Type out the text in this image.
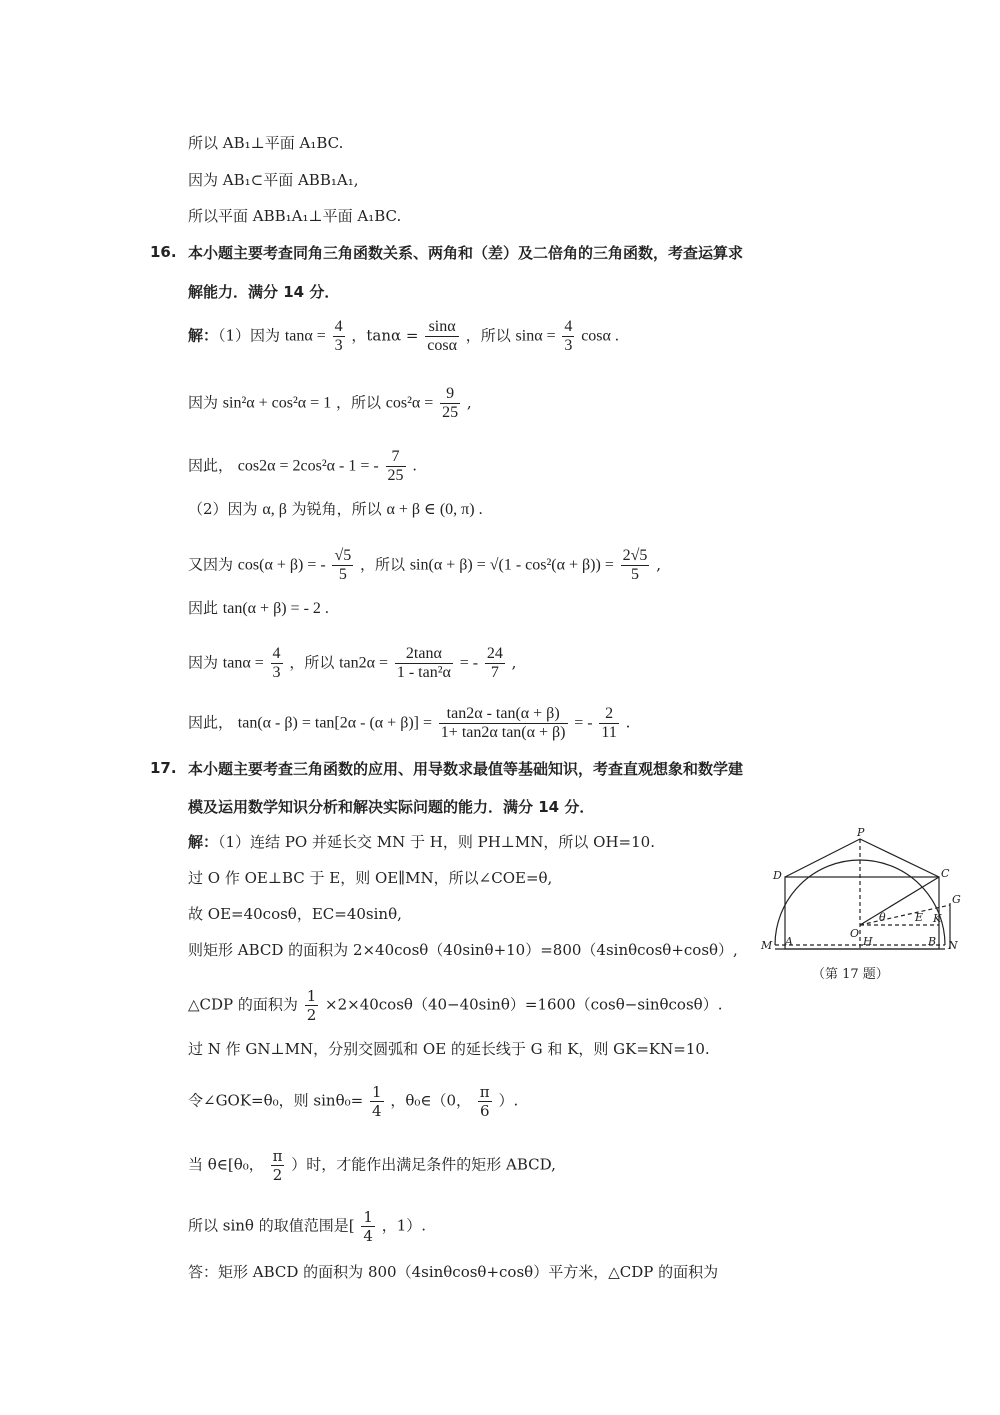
所以 AB₁⊥平面 A₁BC.
因为 AB₁⊂平面 ABB₁A₁,
所以平面 ABB₁A₁⊥平面 A₁BC.
16. 本小题主要考查同角三角函数关系、两角和（差）及二倍角的三角函数，考查运算求
解能力．满分 14 分．
解：（1）因为 $\tan\alpha = \frac{4}{3}$ ，$\tan\alpha = \frac{\sin\alpha}{\cos\alpha}$ ，所以 $\sin\alpha = \frac{4}{3}$ cosα .
因为 sin²α + cos²α = 1 ，所以 $\cos^2\alpha = \frac{9}{25}$ ,
因此， cos2α = 2cos²α - 1 = - $\frac{7}{25}$ .
（2）因为 α, β 为锐角，所以 α + β ∈ (0, π) .
又因为 cos(α + β) = - $\frac{√5}{5}$ ，所以 $\sin(\alpha + \beta) = √(1 - \cos^2(\alpha + \beta)) = \frac{2√5}{5}$ ,
因此 tan(α + β) = - 2 .
因为 $\tan\alpha = \frac{4}{3}$ ，所以 $\tan 2\alpha = \frac{2\tan\alpha}{\text{1 - tan²α}}$ = - $\frac{24}{7}$ ,
因此， $\tan(\alpha - \beta) = \tan[2\alpha - (\alpha + \beta)] = \frac{\tan 2\alpha - \tan(\alpha + \beta)}{\text{1+ tan2α tan(α + β)}}$ = - $\frac{2}{11}$ .
17. 本小题主要考查三角函数的应用、用导数求最值等基础知识，考查直观想象和数学建
模及运用数学知识分析和解决实际问题的能力．满分 14 分．
解：（1）连结 PO 并延长交 MN 于 H，则 PH⊥MN，所以 OH=10.
过 O 作 OE⊥BC 于 E，则 OE∥MN，所以∠COE=θ,
故 OE=40cosθ，EC=40sinθ,
则矩形 ABCD 的面积为 2×40cosθ（40sinθ+10）=800（4sinθcosθ+cosθ）,
△CDP 的面积为 $\frac{1}{2} \times 2\times 40\cos\theta(40-40\sin\theta)=1600(\cos\theta-\sin\theta\cos\theta)$.
过 N 作 GN⊥MN，分别交圆弧和 OE 的延长线于 G 和 K，则 GK=KN=10.
令∠GOK=θ₀，则 $\sin\theta_0= \frac{1}{4}$ ，θ₀∈（0， $\frac{\pi}{6}$ ）.
当 θ∈[θ₀， $\frac{\pi}{2}$ ）时，才能作出满足条件的矩形 ABCD,
所以 sinθ 的取值范围是[ $\frac{1}{4}$ ，1）.
答：矩形 ABCD 的面积为 800（4sinθcosθ+cosθ）平方米，△CDP 的面积为
P
D	C
G
E K
M A
O
H	B N
θ
（第 17 题）
